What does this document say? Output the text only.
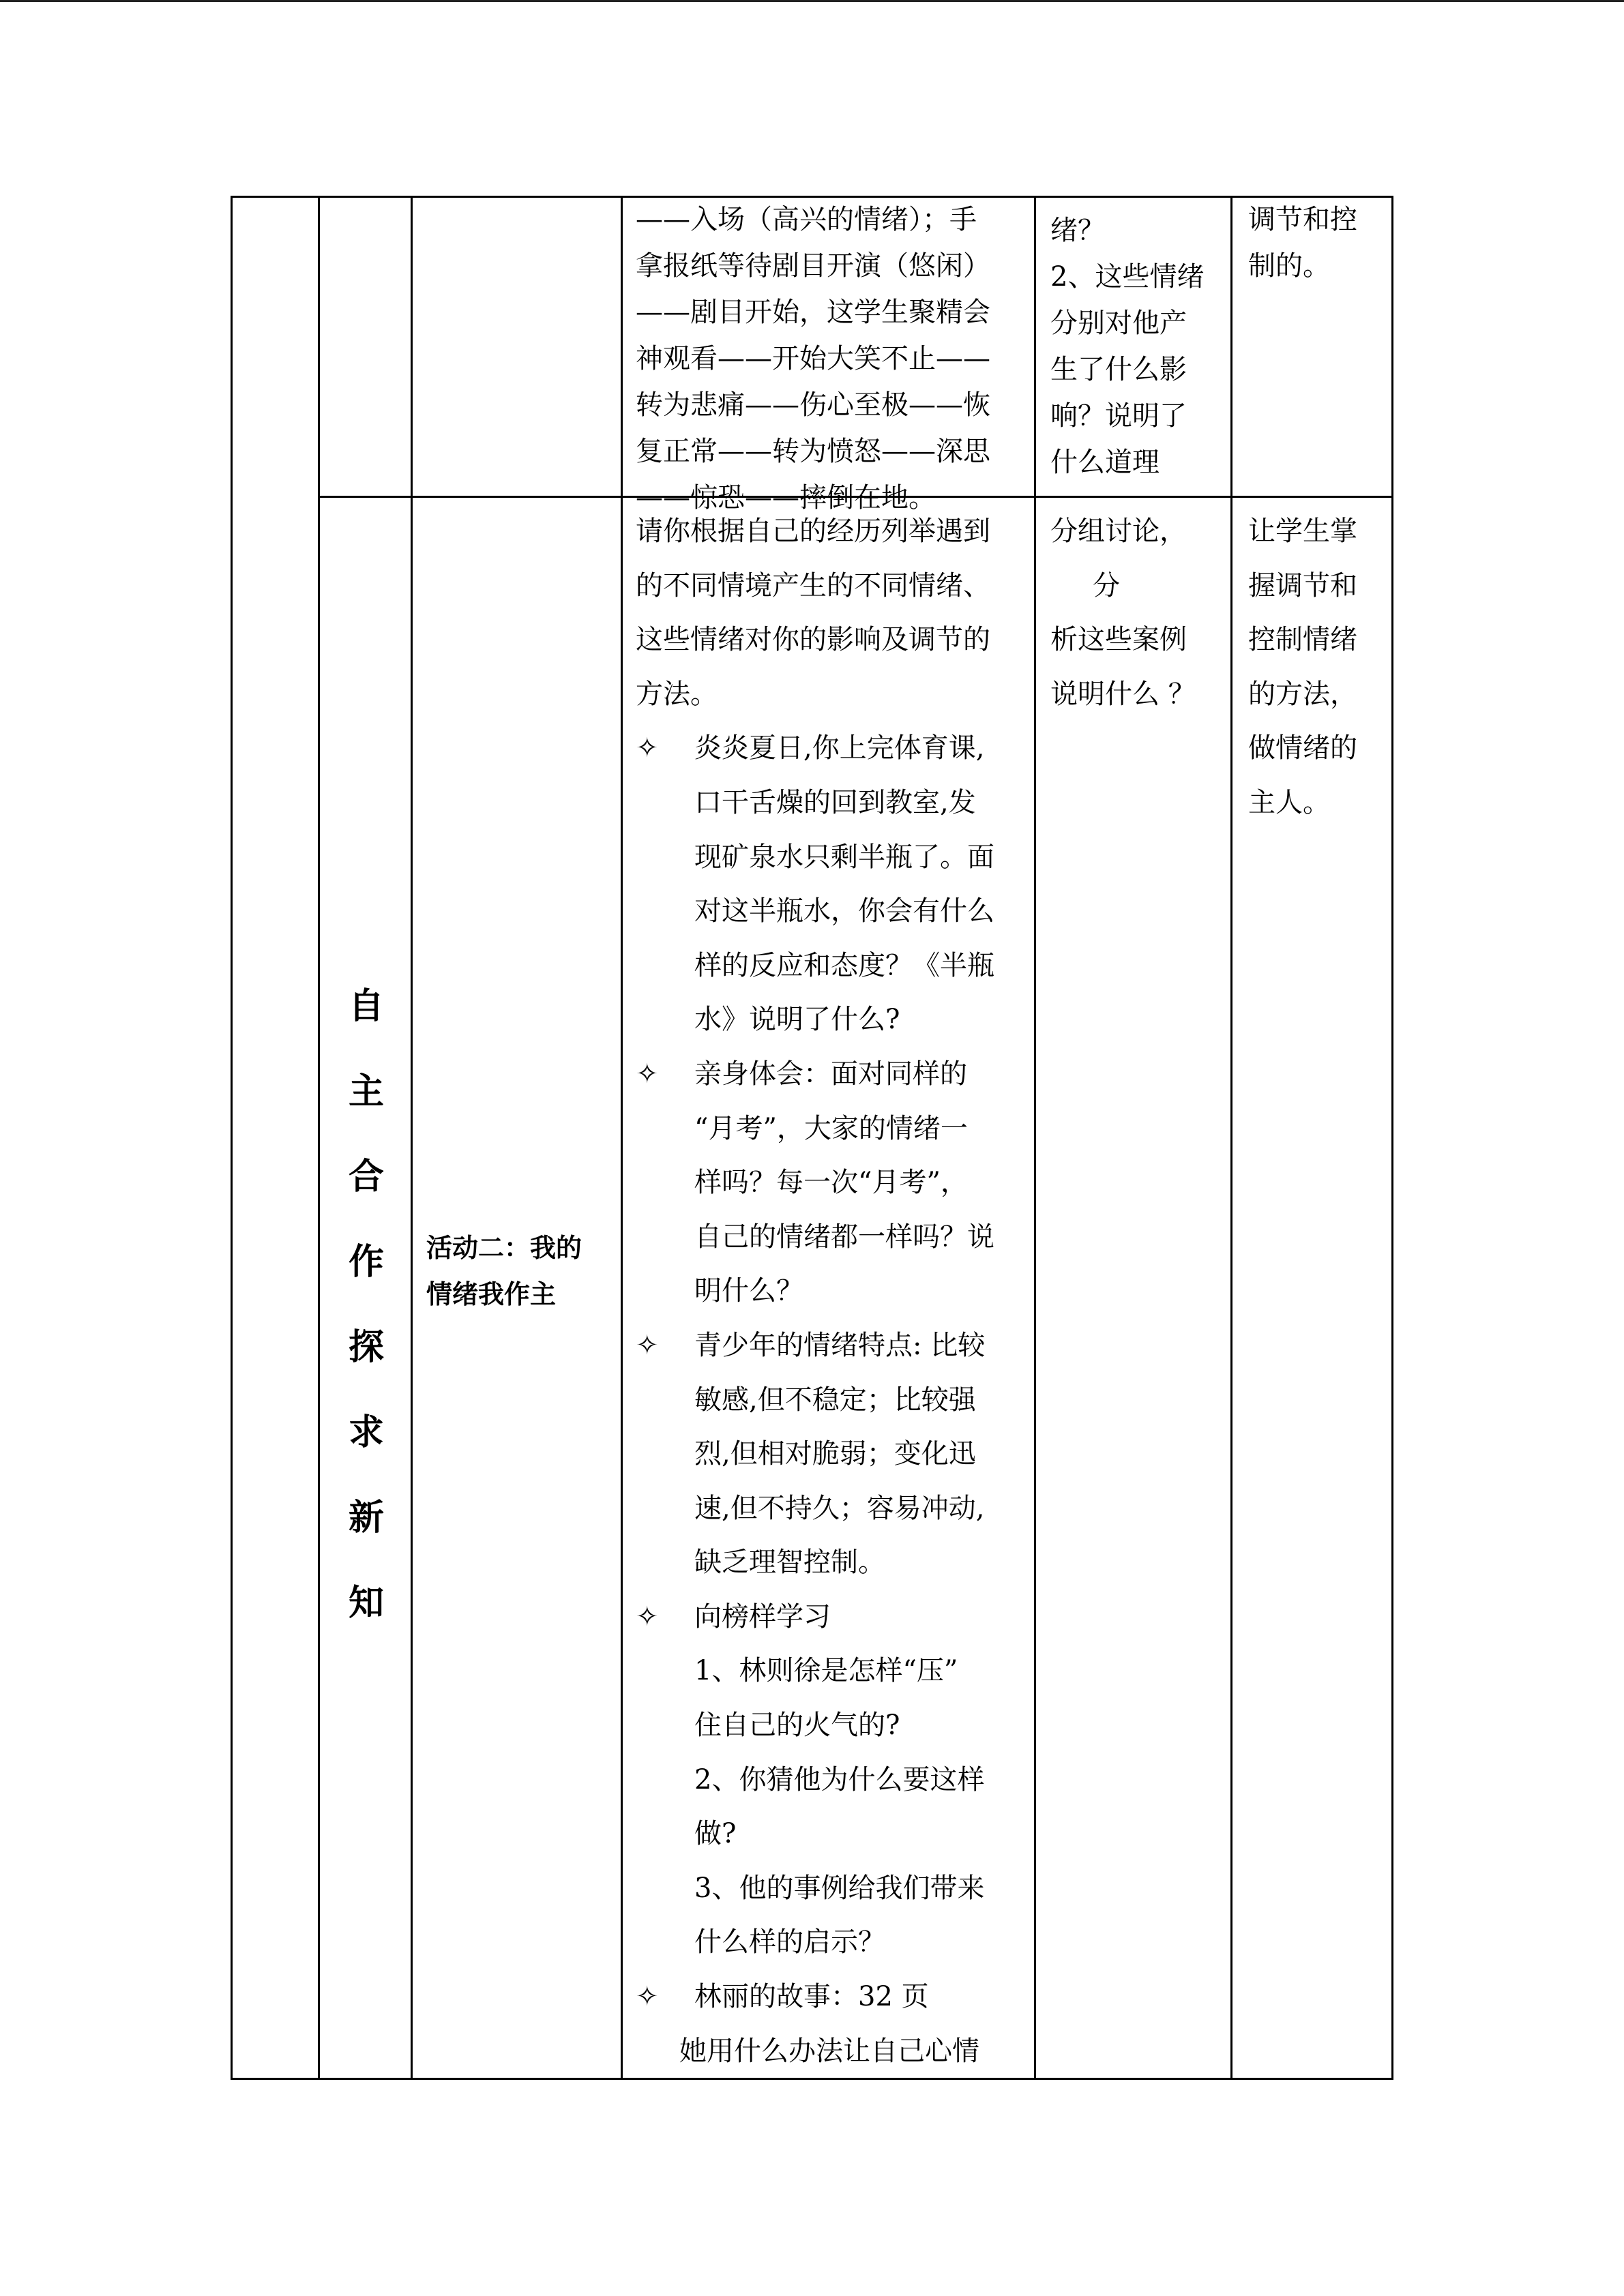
——入场（高兴的情绪）；手

拿报纸等待剧目开演（悠闲）

——剧目开始，这学生聚精会

神观看——开始大笑不止——

转为悲痛——伤心至极——恢

复正常——转为愤怒——深思

——惊恐——摔倒在地。

绪？

2、这些情绪

分别对他产

生了什么影

响？说明了

什么道理

调节和控

制的。

自
主
合
作
探
求
新
知

活动二：我的

情绪我作主

请你根据自己的经历列举遇到

的不同情境产生的不同情绪、

这些情绪对你的影响及调节的

方法。

✧ 炎炎夏日,你上完体育课,

口干舌燥的回到教室,发

现矿泉水只剩半瓶了。面

对这半瓶水，你会有什么

样的反应和态度？《半瓶

水》说明了什么?

✧ 亲身体会：面对同样的

“月考”，大家的情绪一

样吗？每一次“月考”，

自己的情绪都一样吗？说

明什么？

✧ 青少年的情绪特点: 比较

敏感,但不稳定；比较强

烈,但相对脆弱；变化迅

速,但不持久；容易冲动,

缺乏理智控制。

✧ 向榜样学习

1、林则徐是怎样“压”

住自己的火气的?

2、你猜他为什么要这样

做?

3、他的事例给我们带来

什么样的启示？

✧ 林丽的故事：32 页

她用什么办法让自己心情

分组讨论，

分

析这些案例

说明什么 ？

让学生掌

握调节和

控制情绪

的方法，

做情绪的

主人。
